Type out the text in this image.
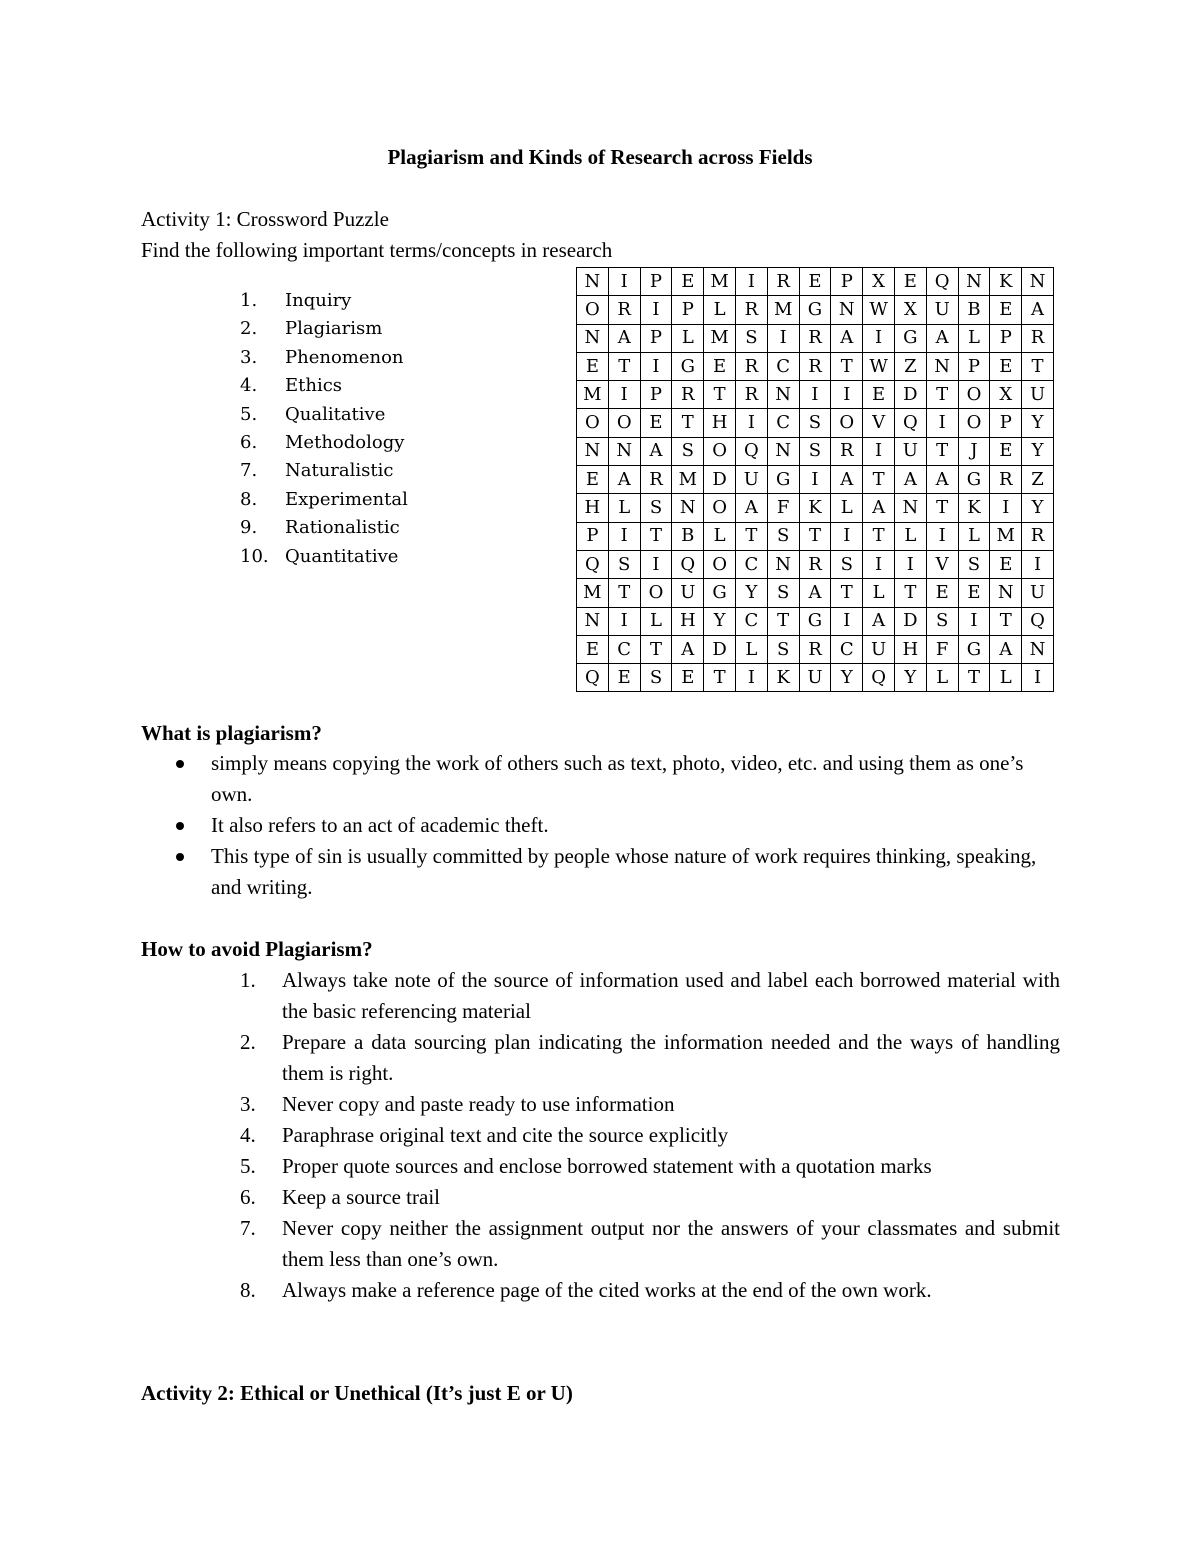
Plagiarism and Kinds of Research across Fields
Activity 1: Crossword Puzzle
Find the following important terms/concepts in research
1.	Inquiry
2.	Plagiarism
3.	Phenomenon
4.	Ethics
5.	Qualitative
6.	Methodology
7.	Naturalistic
8.	Experimental
9.	Rationalistic
10. Quantitative
N	I	P	E	M	I	R	E	P	X	E	Q	N	K	N
O	R	I	P	L	R	M	G	N	W	X	U	B	E	A
N	A	P	L	M	S	I	R	A	I	G	A	L	P	R
E	T	I	G	E	R	C	R	T	W	Z	N	P	E	T
M	I	P	R	T	R	N	I	I	E	D	T	O	X	U
O	O	E	T	H	I	C	S	O	V	Q	I	O	P	Y
N	N	A	S	O	Q	N	S	R	I	U	T	J	E	Y
E	A	R	M	D	U	G	I	A	T	A	A	G	R	Z
H	L	S	N	O	A	F	K	L	A	N	T	K	I	Y
P	I	T	B	L	T	S	T	I	T	L	I	L	M	R
Q	S	I	Q	O	C	N	R	S	I	I	V	S	E	I
M	T	O	U	G	Y	S	A	T	L	T	E	E	N	U
N	I	L	H	Y	C	T	G	I	A	D	S	I	T	Q
E	C	T	A	D	L	S	R	C	U	H	F	G	A	N
Q	E	S	E	T	I	K	U	Y	Q	Y	L	T	L	I
What is plagiarism?
simply means copying the work of others such as text, photo, video, etc. and using them as one’s own.
It also refers to an act of academic theft.
This type of sin is usually committed by people whose nature of work requires thinking, speaking, and writing.
How to avoid Plagiarism?
1.	Always take note of the source of information used and label each borrowed material with the basic referencing material
2.	Prepare a data sourcing plan indicating the information needed and the ways of handling them is right.
3.	Never copy and paste ready to use information
4.	Paraphrase original text and cite the source explicitly
5.	Proper quote sources and enclose borrowed statement with a quotation marks
6.	Keep a source trail
7.	Never copy neither the assignment output nor the answers of your classmates and submit them less than one’s own.
8.	Always make a reference page of the cited works at the end of the own work.
Activity 2: Ethical or Unethical (It’s just E or U)
